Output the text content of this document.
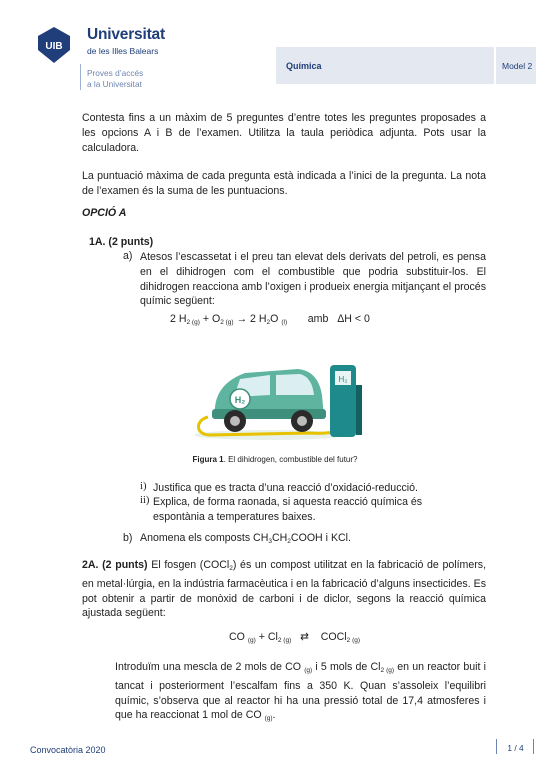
UIB
Universitat
de les Illes Balears
Proves d’accés
a la Universitat
Química	Model 2
Contesta fins a un màxim de 5 preguntes d’entre totes les preguntes proposades a les opcions A i B de l’examen. Utilitza la taula periòdica adjunta. Pots usar la calculadora.
La puntuació màxima de cada pregunta està indicada a l’inici de la pregunta. La nota de l’examen és la suma de les puntuacions.
OPCIÓ A
1A. (2 punts)
a) Atesos l’escassetat i el preu tan elevat dels derivats del petroli, es pensa en el dihidrogen com el combustible que podria substituir-los. El dihidrogen reacciona amb l’oxigen i produeix energia mitjançant el procés químic següent:
2 $H_{2 (g)} + O_{2 (g)} \to 2$ $H_2O$ $_{(l)}$ amb ΔH < 0
H₂
H₂
Figura 1. El dihidrogen, combustible del futur?
i) Justifica que es tracta d’una reacció d’oxidació-reducció.
ii) Explica, de forma raonada, si aquesta reacció química és espontània a temperatures baixes.
b) Anomena els composts $CH_3CH_2COOH$ i KCl.
2A. (2 punts) El fosgen (COCl$_2$) és un compost utilitzat en la fabricació de polímers, en metal·lúrgia, en la indústria farmacèutica i en la fabricació d’alguns insecticides. Es pot obtenir a partir de monòxid de carboni i de diclor, segons la reacció química ajustada següent:
CO $_{(g)} + Cl_{2 (g)}$ ⇄    COCl$_{2 (g)}$
Introduïm una mescla de 2 mols de CO $_{(g)}$ i 5 mols de $Cl_{2 (g)}$ en un reactor buit i tancat i posteriorment l’escalfam fins a 350 K. Quan s’assoleix l’equilibri químic, s’observa que al reactor hi ha una pressió total de 17,4 atmosferes i que ha reaccionat 1 mol de CO $_{(g)}$.
Convocatòria 2020	1 / 4
